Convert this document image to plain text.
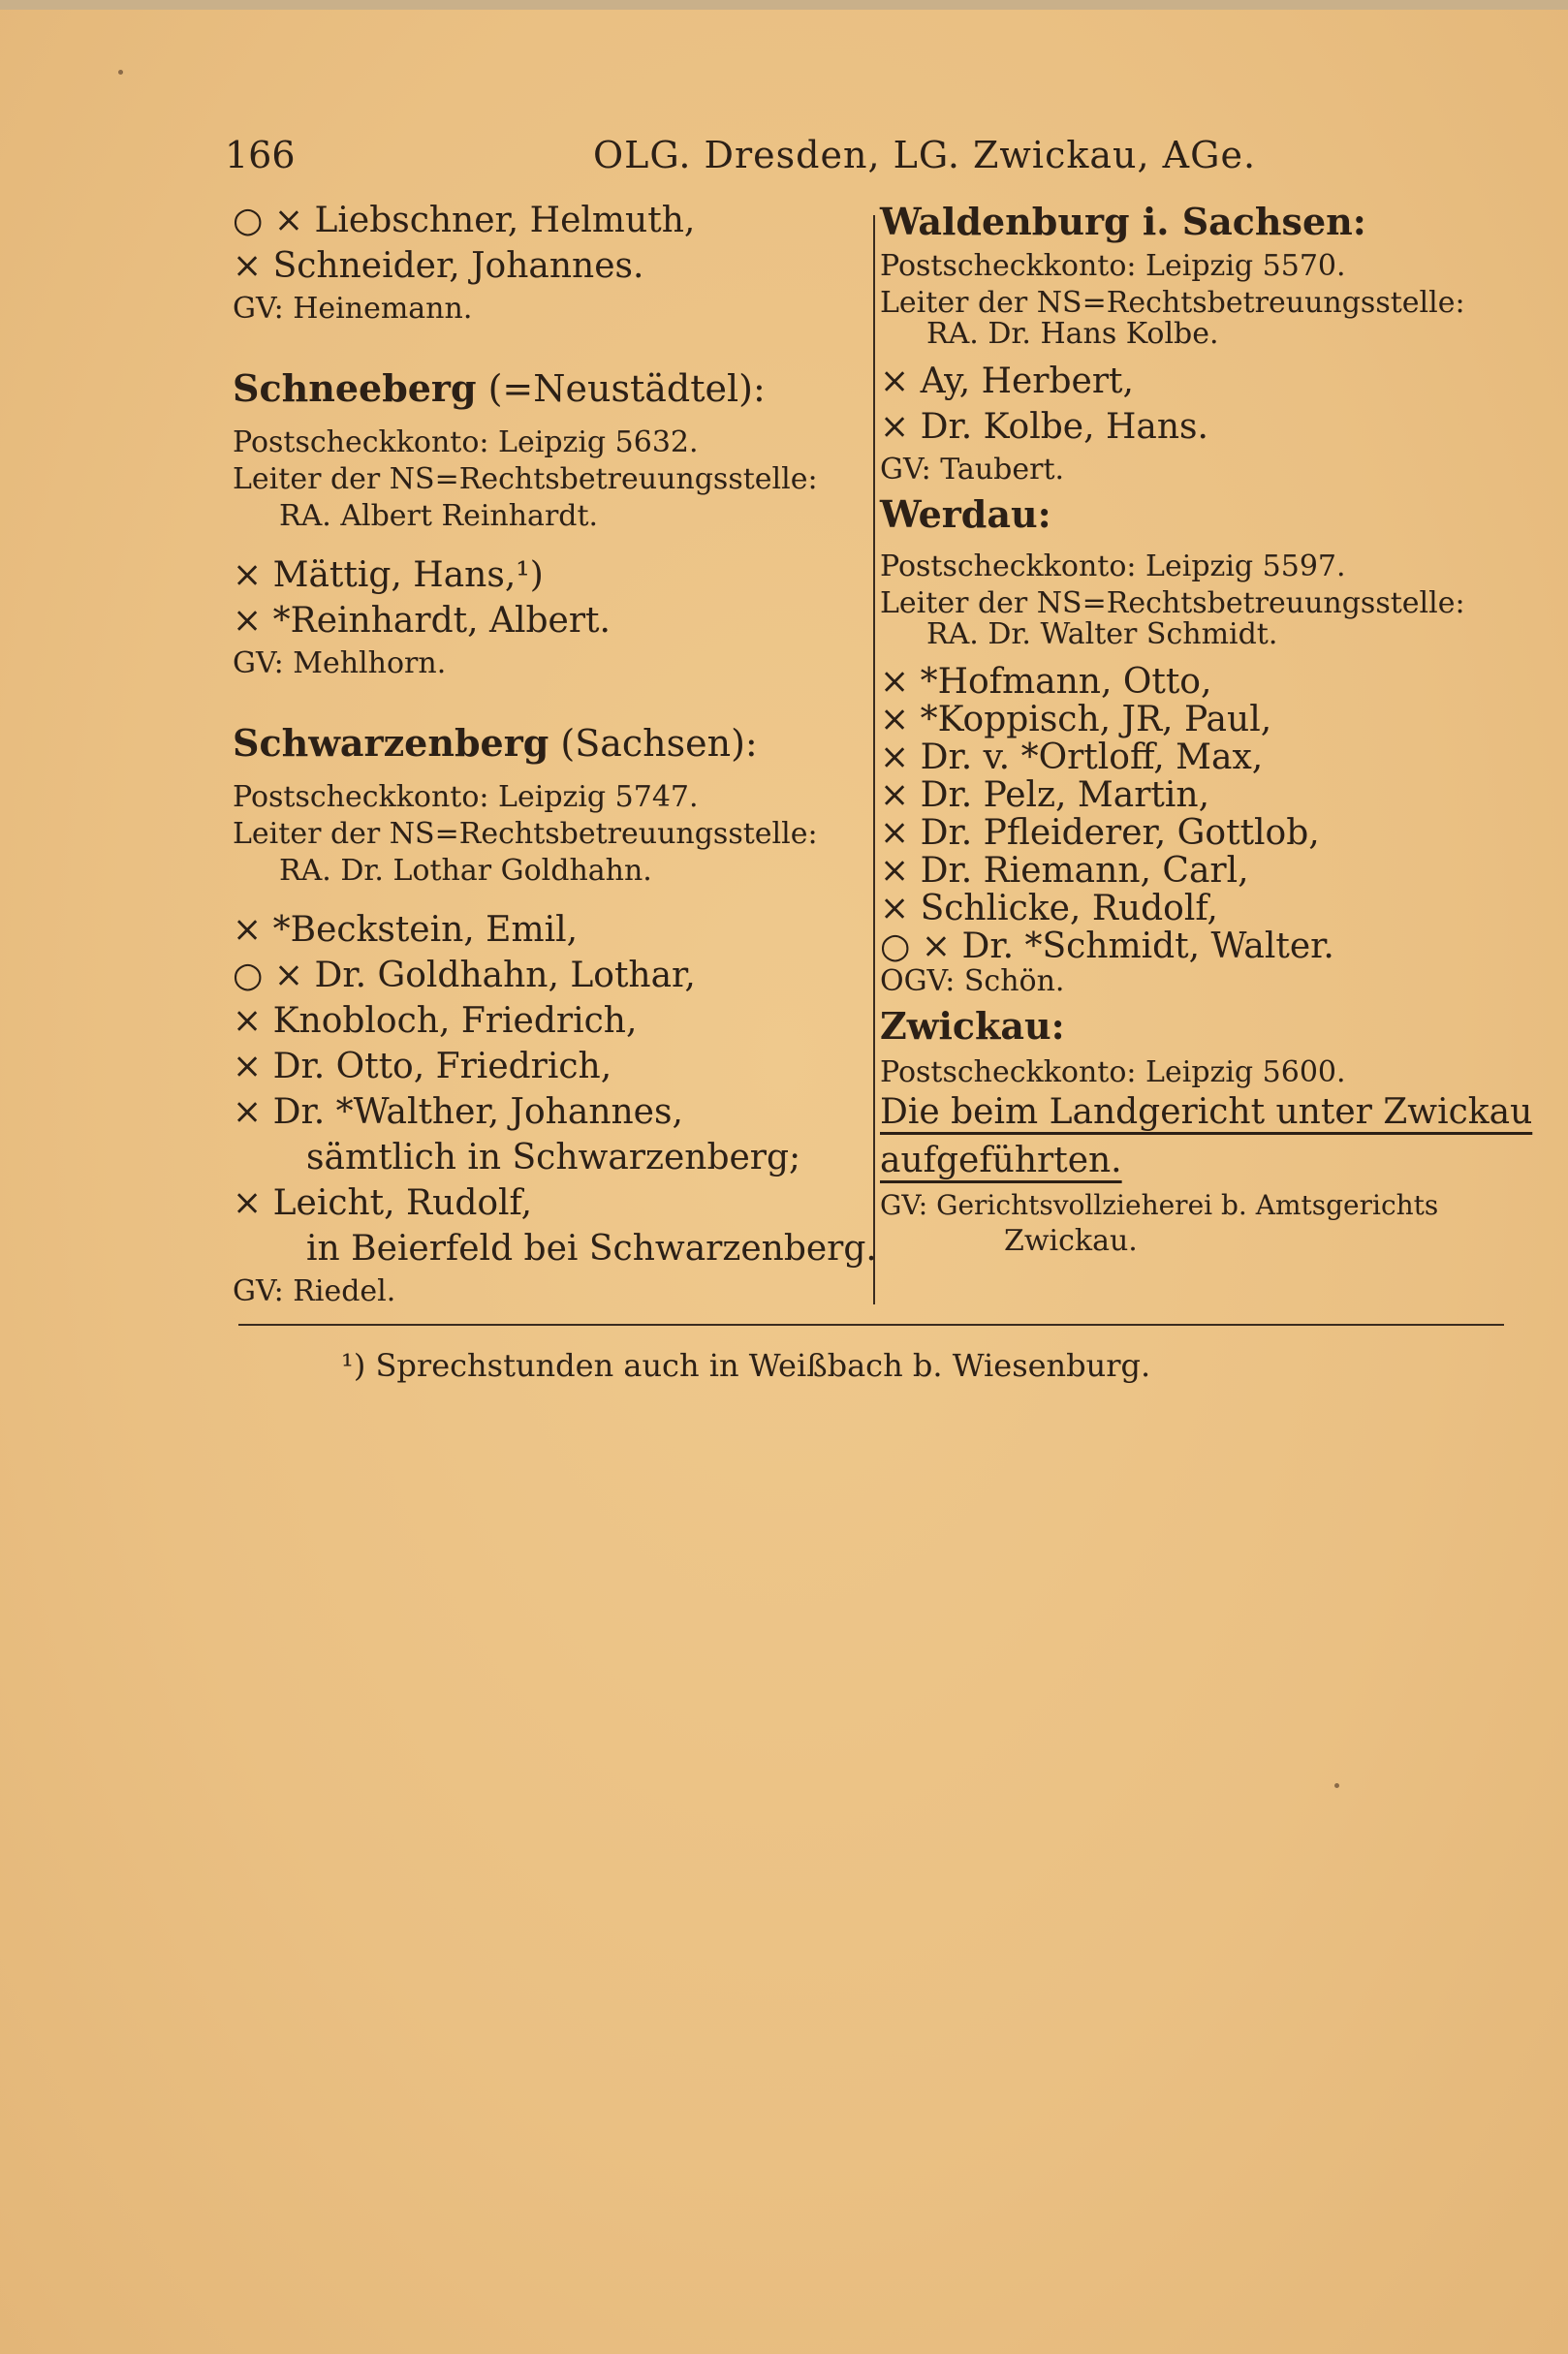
166	OLG. Dresden, LG. Zwickau, AGe.
○ × Liebschner, Helmuth,
× Schneider, Johannes.
GV: Heinemann.
Schneeberg (=Neustädtel):
Postscheckkonto: Leipzig 5632.
Leiter der NS=Rechtsbetreuungsstelle:
RA. Albert Reinhardt.
× Mättig, Hans,¹)
× *Reinhardt, Albert.
GV: Mehlhorn.
Schwarzenberg (Sachsen):
Postscheckkonto: Leipzig 5747.
Leiter der NS=Rechtsbetreuungsstelle:
RA. Dr. Lothar Goldhahn.
× *Beckstein, Emil,
○ × Dr. Goldhahn, Lothar,
× Knobloch, Friedrich,
× Dr. Otto, Friedrich,
× Dr. *Walther, Johannes,
sämtlich in Schwarzenberg;
× Leicht, Rudolf,
in Beierfeld bei Schwarzenberg.
GV: Riedel.
Waldenburg i. Sachsen:
Postscheckkonto: Leipzig 5570.
Leiter der NS=Rechtsbetreuungsstelle:
RA. Dr. Hans Kolbe.
× Ay, Herbert,
× Dr. Kolbe, Hans.
GV: Taubert.
Werdau:
Postscheckkonto: Leipzig 5597.
Leiter der NS=Rechtsbetreuungsstelle:
RA. Dr. Walter Schmidt.
× *Hofmann, Otto,
× *Koppisch, JR, Paul,
× Dr. v. *Ortloff, Max,
× Dr. Pelz, Martin,
× Dr. Pfleiderer, Gottlob,
× Dr. Riemann, Carl,
× Schlicke, Rudolf,
○ × Dr. *Schmidt, Walter.
OGV: Schön.
Zwickau:
Postscheckkonto: Leipzig 5600.
Die beim Landgericht unter Zwickau
aufgeführten.
GV: Gerichtsvollzieherei b. Amtsgerichts
Zwickau.
¹) Sprechstunden auch in Weißbach b. Wiesenburg.
